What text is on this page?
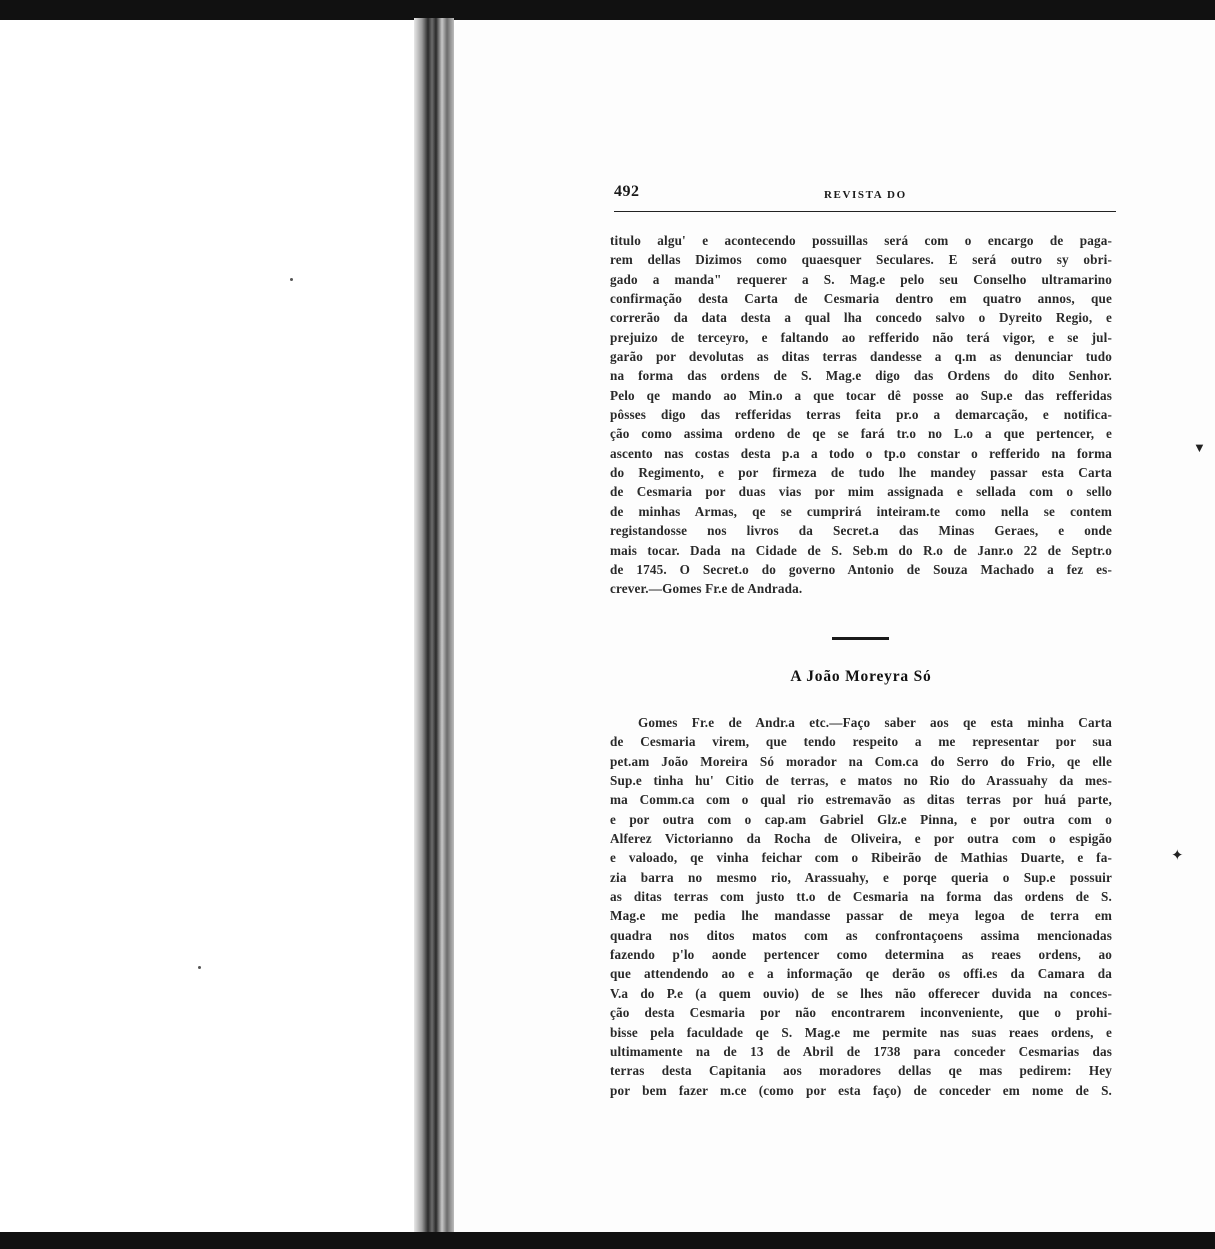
492	REVISTA DO
titulo algu' e acontecendo possuillas será com o encargo de paga-
rem dellas Dizimos como quaesquer Seculares. E será outro sy obri-
gado a manda" requerer a S. Mag.e pelo seu Conselho ultramarino
confirmação desta Carta de Cesmaria dentro em quatro annos, que
correrão da data desta a qual lha concedo salvo o Dyreito Regio, e
prejuizo de terceyro, e faltando ao refferido não terá vigor, e se jul-
garão por devolutas as ditas terras dandesse a q.m as denunciar tudo
na forma das ordens de S. Mag.e digo das Ordens do dito Senhor.
Pelo qe mando ao Min.o a que tocar dê posse ao Sup.e das refferidas
pôsses digo das refferidas terras feita pr.o a demarcação, e notifica-
ção como assima ordeno de qe se fará tr.o no L.o a que pertencer, e
ascento nas costas desta p.a a todo o tp.o constar o refferido na forma
do Regimento, e por firmeza de tudo lhe mandey passar esta Carta
de Cesmaria por duas vias por mim assignada e sellada com o sello
de minhas Armas, qe se cumprirá inteiram.te como nella se contem
registandosse nos livros da Secret.a das Minas Geraes, e onde
mais tocar. Dada na Cidade de S. Seb.m do R.o de Janr.o 22 de Septr.o
de 1745. O Secret.o do governo Antonio de Souza Machado a fez es-
crever.—Gomes Fr.e de Andrada.
A João Moreyra Só
Gomes Fr.e de Andr.a etc.—Faço saber aos qe esta minha Carta
de Cesmaria virem, que tendo respeito a me representar por sua
pet.am João Moreira Só morador na Com.ca do Serro do Frio, qe elle
Sup.e tinha hu' Citio de terras, e matos no Rio do Arassuahy da mes-
ma Comm.ca com o qual rio estremavão as ditas terras por huá parte,
e por outra com o cap.am Gabriel Glz.e Pinna, e por outra com o
Alferez Victorianno da Rocha de Oliveira, e por outra com o espigão
e valoado, qe vinha feichar com o Ribeirão de Mathias Duarte, e fa-
zia barra no mesmo rio, Arassuahy, e porqe queria o Sup.e possuir
as ditas terras com justo tt.o de Cesmaria na forma das ordens de S.
Mag.e me pedia lhe mandasse passar de meya legoa de terra em
quadra nos ditos matos com as confrontaçoens assima mencionadas
fazendo p'lo aonde pertencer como determina as reaes ordens, ao
que attendendo ao e a informação qe derão os offi.es da Camara da
V.a do P.e (a quem ouvio) de se lhes não offerecer duvida na conces-
ção desta Cesmaria por não encontrarem inconveniente, que o prohi-
bisse pela faculdade qe S. Mag.e me permite nas suas reaes ordens, e
ultimamente na de 13 de Abril de 1738 para conceder Cesmarias das
terras desta Capitania aos moradores dellas qe mas pedirem: Hey
por bem fazer m.ce (como por esta faço) de conceder em nome de S.
▼
✦
